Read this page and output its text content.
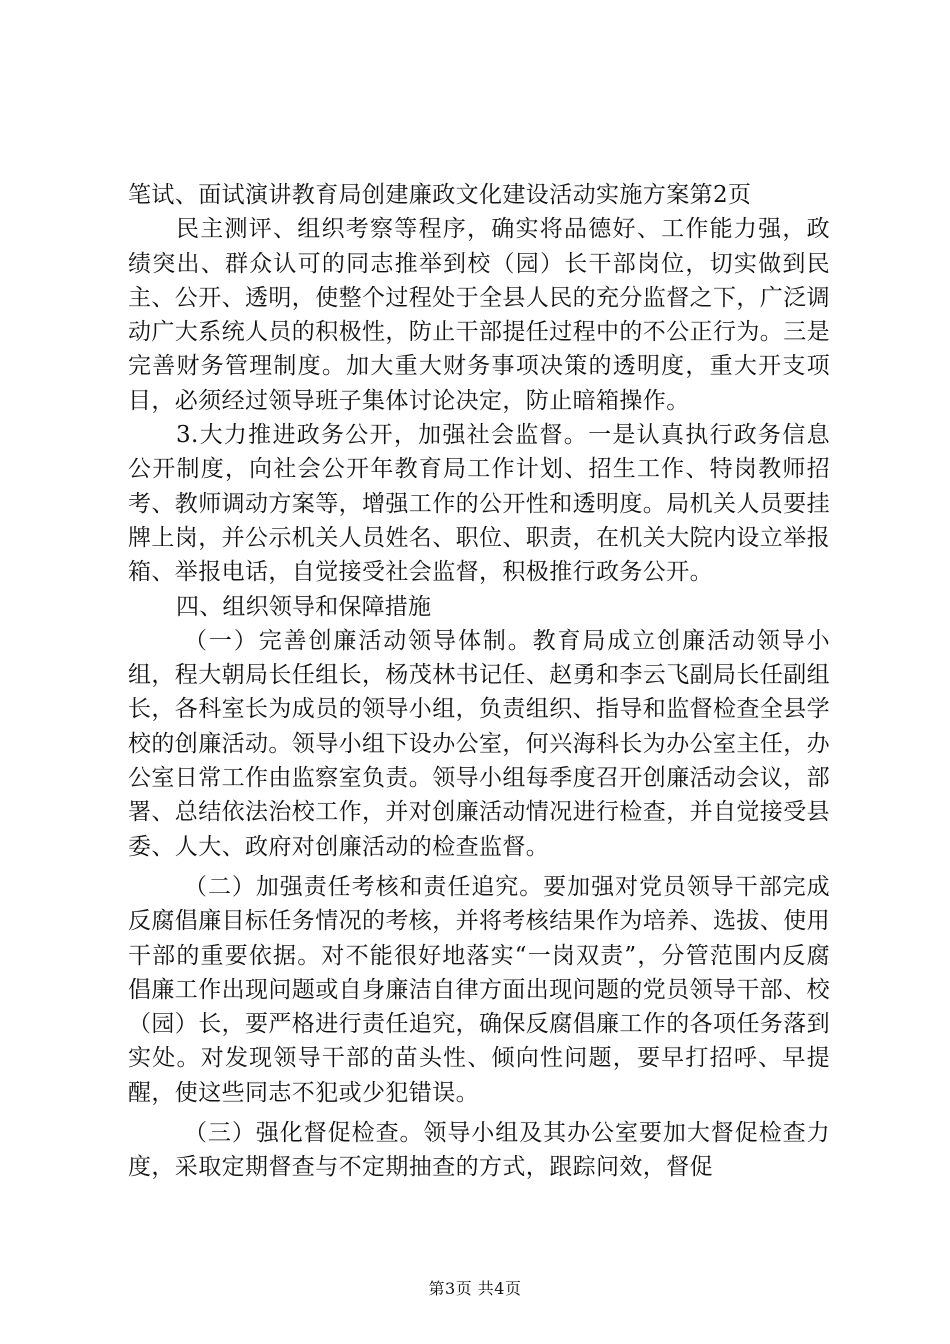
笔试、面试演讲教育局创建廉政文化建设活动实施方案第2页

民主测评、组织考察等程序，确实将品德好、工作能力强，政绩突出、群众认可的同志推举到校（园）长干部岗位，切实做到民主、公开、透明，使整个过程处于全县人民的充分监督之下，广泛调动广大系统人员的积极性，防止干部提任过程中的不公正行为。三是完善财务管理制度。加大重大财务事项决策的透明度，重大开支项目，必须经过领导班子集体讨论决定，防止暗箱操作。

3.大力推进政务公开，加强社会监督。一是认真执行政务信息公开制度，向社会公开年教育局工作计划、招生工作、特岗教师招考、教师调动方案等，增强工作的公开性和透明度。局机关人员要挂牌上岗，并公示机关人员姓名、职位、职责，在机关大院内设立举报箱、举报电话，自觉接受社会监督，积极推行政务公开。

四、组织领导和保障措施

（一）完善创廉活动领导体制。教育局成立创廉活动领导小组，程大朝局长任组长，杨茂林书记任、赵勇和李云飞副局长任副组长，各科室长为成员的领导小组，负责组织、指导和监督检查全县学校的创廉活动。领导小组下设办公室，何兴海科长为办公室主任，办公室日常工作由监察室负责。领导小组每季度召开创廉活动会议，部署、总结依法治校工作，并对创廉活动情况进行检查，并自觉接受县委、人大、政府对创廉活动的检查监督。

（二）加强责任考核和责任追究。要加强对党员领导干部完成反腐倡廉目标任务情况的考核，并将考核结果作为培养、选拔、使用干部的重要依据。对不能很好地落实“一岗双责”，分管范围内反腐倡廉工作出现问题或自身廉洁自律方面出现问题的党员领导干部、校（园）长，要严格进行责任追究，确保反腐倡廉工作的各项任务落到实处。对发现领导干部的苗头性、倾向性问题，要早打招呼、早提醒，使这些同志不犯或少犯错误。

（三）强化督促检查。领导小组及其办公室要加大督促检查力度，采取定期督查与不定期抽查的方式，跟踪问效，督促

第3页 共4页
